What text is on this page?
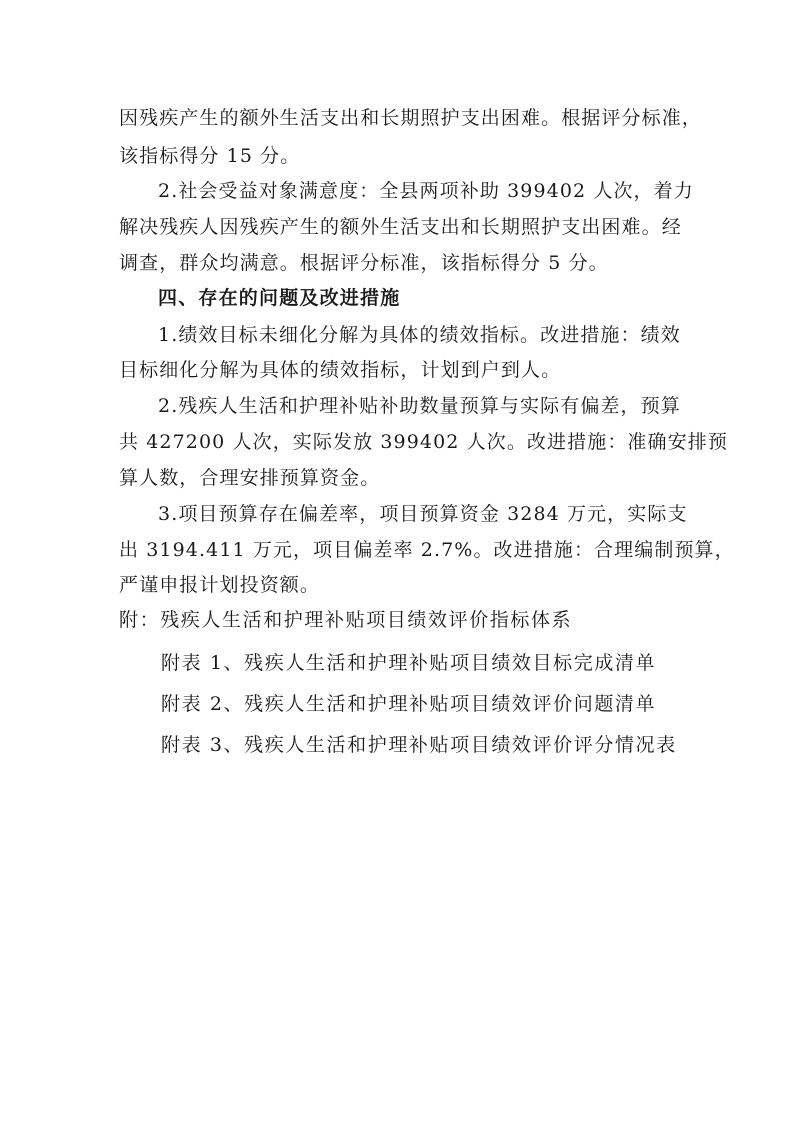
因残疾产生的额外生活支出和长期照护支出困难。根据评分标准，
该指标得分 15 分。
2.社会受益对象满意度：全县两项补助 399402 人次，着力
解决残疾人因残疾产生的额外生活支出和长期照护支出困难。经
调查，群众均满意。根据评分标准，该指标得分 5 分。
四、存在的问题及改进措施
1.绩效目标未细化分解为具体的绩效指标。改进措施：绩效
目标细化分解为具体的绩效指标，计划到户到人。
2.残疾人生活和护理补贴补助数量预算与实际有偏差，预算
共 427200 人次，实际发放 399402 人次。改进措施：准确安排预
算人数，合理安排预算资金。
3.项目预算存在偏差率，项目预算资金 3284 万元，实际支
出 3194.411 万元，项目偏差率 2.7%。改进措施：合理编制预算，
严谨申报计划投资额。
附：残疾人生活和护理补贴项目绩效评价指标体系
附表 1、残疾人生活和护理补贴项目绩效目标完成清单
附表 2、残疾人生活和护理补贴项目绩效评价问题清单
附表 3、残疾人生活和护理补贴项目绩效评价评分情况表
